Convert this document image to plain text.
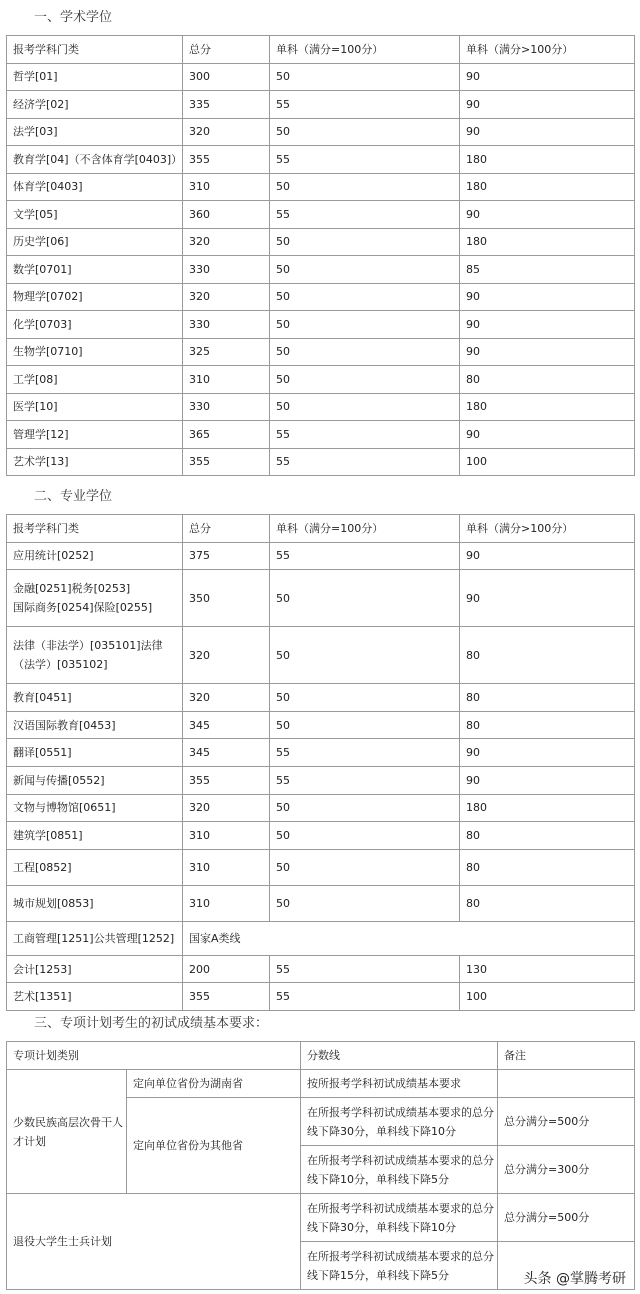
一、学术学位
报考学科门类	总分	单科（满分=100分）	单科（满分>100分）
哲学[01]	300	50	90
经济学[02]	335	55	90
法学[03]	320	50	90
教育学[04]（不含体育学[0403]）	355	55	180
体育学[0403]	310	50	180
文学[05]	360	55	90
历史学[06]	320	50	180
数学[0701]	330	50	85
物理学[0702]	320	50	90
化学[0703]	330	50	90
生物学[0710]	325	50	90
工学[08]	310	50	80
医学[10]	330	50	180
管理学[12]	365	55	90
艺术学[13]	355	55	100
二、专业学位
报考学科门类	总分	单科（满分=100分）	单科（满分>100分）
应用统计[0252]	375	55	90
金融[0251]税务[0253]
国际商务[0254]保险[0255]	350	50	90
法律（非法学）[035101]法律（法学）[035102]	320	50	80
教育[0451]	320	50	80
汉语国际教育[0453]	345	50	80
翻译[0551]	345	55	90
新闻与传播[0552]	355	55	90
文物与博物馆[0651]	320	50	180
建筑学[0851]	310	50	80
工程[0852]	310	50	80
城市规划[0853]	310	50	80
工商管理[1251]公共管理[1252]	国家A类线		
会计[1253]	200	55	130
艺术[1351]	355	55	100
三、专项计划考生的初试成绩基本要求：
专项计划类别		分数线	备注
少数民族高层次骨干人才计划	定向单位省份为湖南省	按所报考学科初试成绩基本要求	
	定向单位省份为其他省	在所报考学科初试成绩基本要求的总分线下降30分，单科线下降10分	总分满分=500分
		在所报考学科初试成绩基本要求的总分线下降10分，单科线下降5分	总分满分=300分
退役大学生士兵计划		在所报考学科初试成绩基本要求的总分线下降30分，单科线下降10分	总分满分=500分
		在所报考学科初试成绩基本要求的总分线下降15分，单科线下降5分		头条 @掌腾考研
